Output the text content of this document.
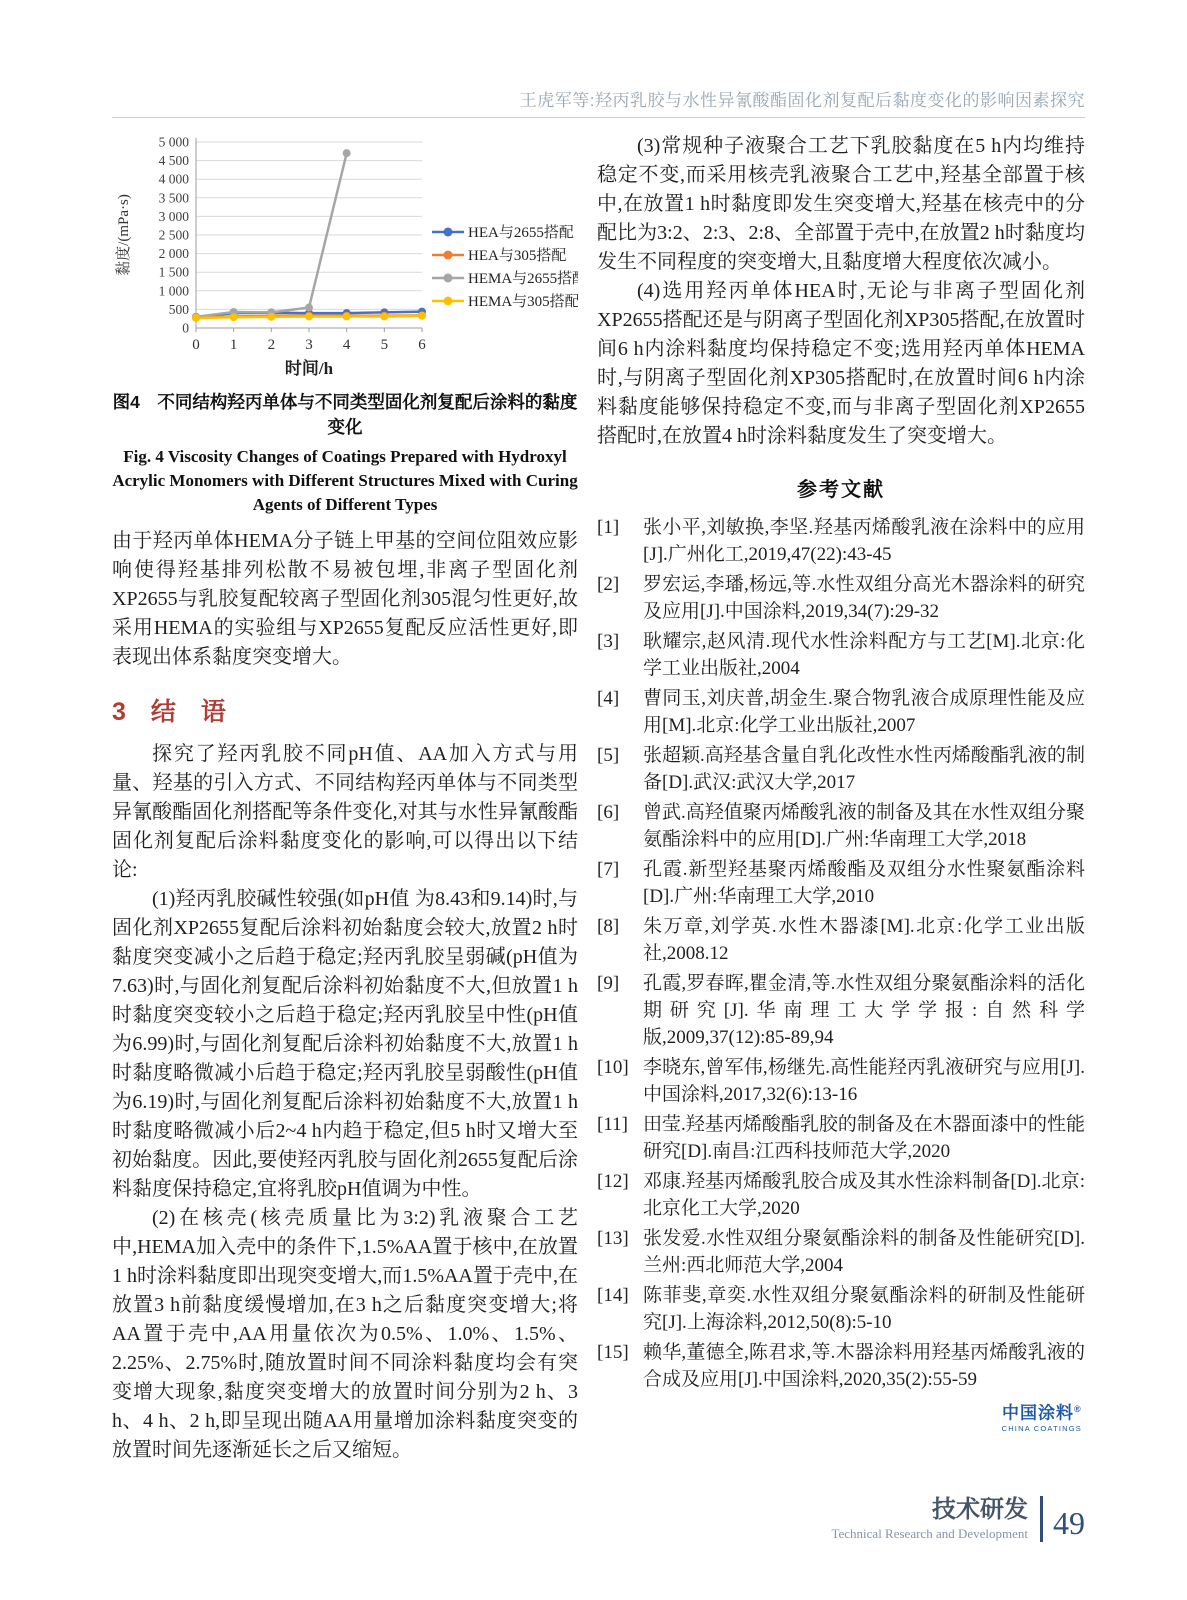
王虎军等:羟丙乳胶与水性异氰酸酯固化剂复配后黏度变化的影响因素探究
0
500
1 000
1 500
2 000
2 500
3 000
3 500
4 000
4 500
5 000
0 1 2 3 4 5 6
时间/h
黏度/(mPa·s)	HEA与2655搭配
HEA与305搭配
HEMA与2655搭配
HEMA与305搭配
图4　不同结构羟丙单体与不同类型固化剂复配后涂料的黏度变化
Fig. 4 Viscosity Changes of Coatings Prepared with Hydroxyl Acrylic Monomers with Different Structures Mixed with Curing Agents of Different Types

由于羟丙单体HEMA分子链上甲基的空间位阻效应影响使得羟基排列松散不易被包埋,非离子型固化剂XP2655与乳胶复配较离子型固化剂305混匀性更好,故采用HEMA的实验组与XP2655复配反应活性更好,即表现出体系黏度突变增大。

3　结　语

探究了羟丙乳胶不同pH值、AA加入方式与用量、羟基的引入方式、不同结构羟丙单体与不同类型异氰酸酯固化剂搭配等条件变化,对其与水性异氰酸酯固化剂复配后涂料黏度变化的影响,可以得出以下结论:

(1)羟丙乳胶碱性较强(如pH值 为8.43和9.14)时,与固化剂XP2655复配后涂料初始黏度会较大,放置2 h时黏度突变减小之后趋于稳定;羟丙乳胶呈弱碱(pH值为7.63)时,与固化剂复配后涂料初始黏度不大,但放置1 h时黏度突变较小之后趋于稳定;羟丙乳胶呈中性(pH值为6.99)时,与固化剂复配后涂料初始黏度不大,放置1 h时黏度略微减小后趋于稳定;羟丙乳胶呈弱酸性(pH值为6.19)时,与固化剂复配后涂料初始黏度不大,放置1 h时黏度略微减小后2~4 h内趋于稳定,但5 h时又增大至初始黏度。因此,要使羟丙乳胶与固化剂2655复配后涂料黏度保持稳定,宜将乳胶pH值调为中性。

(2)在核壳(核壳质量比为3:2)乳液聚合工艺中,HEMA加入壳中的条件下,1.5%AA置于核中,在放置1 h时涂料黏度即出现突变增大,而1.5%AA置于壳中,在放置3 h前黏度缓慢增加,在3 h之后黏度突变增大;将AA置于壳中,AA用量依次为0.5%、1.0%、1.5%、2.25%、2.75%时,随放置时间不同涂料黏度均会有突变增大现象,黏度突变增大的放置时间分别为2 h、3 h、4 h、2 h,即呈现出随AA用量增加涂料黏度突变的放置时间先逐渐延长之后又缩短。

(3)常规种子液聚合工艺下乳胶黏度在5 h内均维持稳定不变,而采用核壳乳液聚合工艺中,羟基全部置于核中,在放置1 h时黏度即发生突变增大,羟基在核壳中的分配比为3:2、2:3、2:8、全部置于壳中,在放置2 h时黏度均发生不同程度的突变增大,且黏度增大程度依次减小。

(4)选用羟丙单体HEA时,无论与非离子型固化剂XP2655搭配还是与阴离子型固化剂XP305搭配,在放置时间6 h内涂料黏度均保持稳定不变;选用羟丙单体HEMA时,与阴离子型固化剂XP305搭配时,在放置时间6 h内涂料黏度能够保持稳定不变,而与非离子型固化剂XP2655搭配时,在放置4 h时涂料黏度发生了突变增大。

参考文献
[1]	张小平,刘敏换,李坚.羟基丙烯酸乳液在涂料中的应用[J].广州化工,2019,47(22):43-45
[2]	罗宏运,李璠,杨远,等.水性双组分高光木器涂料的研究及应用[J].中国涂料,2019,34(7):29-32
[3]	耿耀宗,赵风清.现代水性涂料配方与工艺[M].北京:化学工业出版社,2004
[4]	曹同玉,刘庆普,胡金生.聚合物乳液合成原理性能及应用[M].北京:化学工业出版社,2007
[5]	张超颖.高羟基含量自乳化改性水性丙烯酸酯乳液的制备[D].武汉:武汉大学,2017
[6]	曾武.高羟值聚丙烯酸乳液的制备及其在水性双组分聚氨酯涂料中的应用[D].广州:华南理工大学,2018
[7]	孔霞.新型羟基聚丙烯酸酯及双组分水性聚氨酯涂料[D].广州:华南理工大学,2010
[8]	朱万章,刘学英.水性木器漆[M].北京:化学工业出版社,2008.12
[9]	孔霞,罗春晖,瞿金清,等.水性双组分聚氨酯涂料的活化期研究[J].华南理工大学学报:自然科学版,2009,37(12):85-89,94
[10] 李晓东,曾军伟,杨继先.高性能羟丙乳液研究与应用[J].中国涂料,2017,32(6):13-16
[11] 田莹.羟基丙烯酸酯乳胶的制备及在木器面漆中的性能研究[D].南昌:江西科技师范大学,2020
[12] 邓康.羟基丙烯酸乳胶合成及其水性涂料制备[D].北京:北京化工大学,2020
[13] 张发爱.水性双组分聚氨酯涂料的制备及性能研究[D].兰州:西北师范大学,2004
[14] 陈菲斐,章奕.水性双组分聚氨酯涂料的研制及性能研究[J].上海涂料,2012,50(8):5-10
[15] 赖华,董德全,陈君求,等.木器涂料用羟基丙烯酸乳液的合成及应用[J].中国涂料,2020,35(2):55-59
中国涂料®
CHINA COATINGS
技术研发
Technical Research and Development 49
